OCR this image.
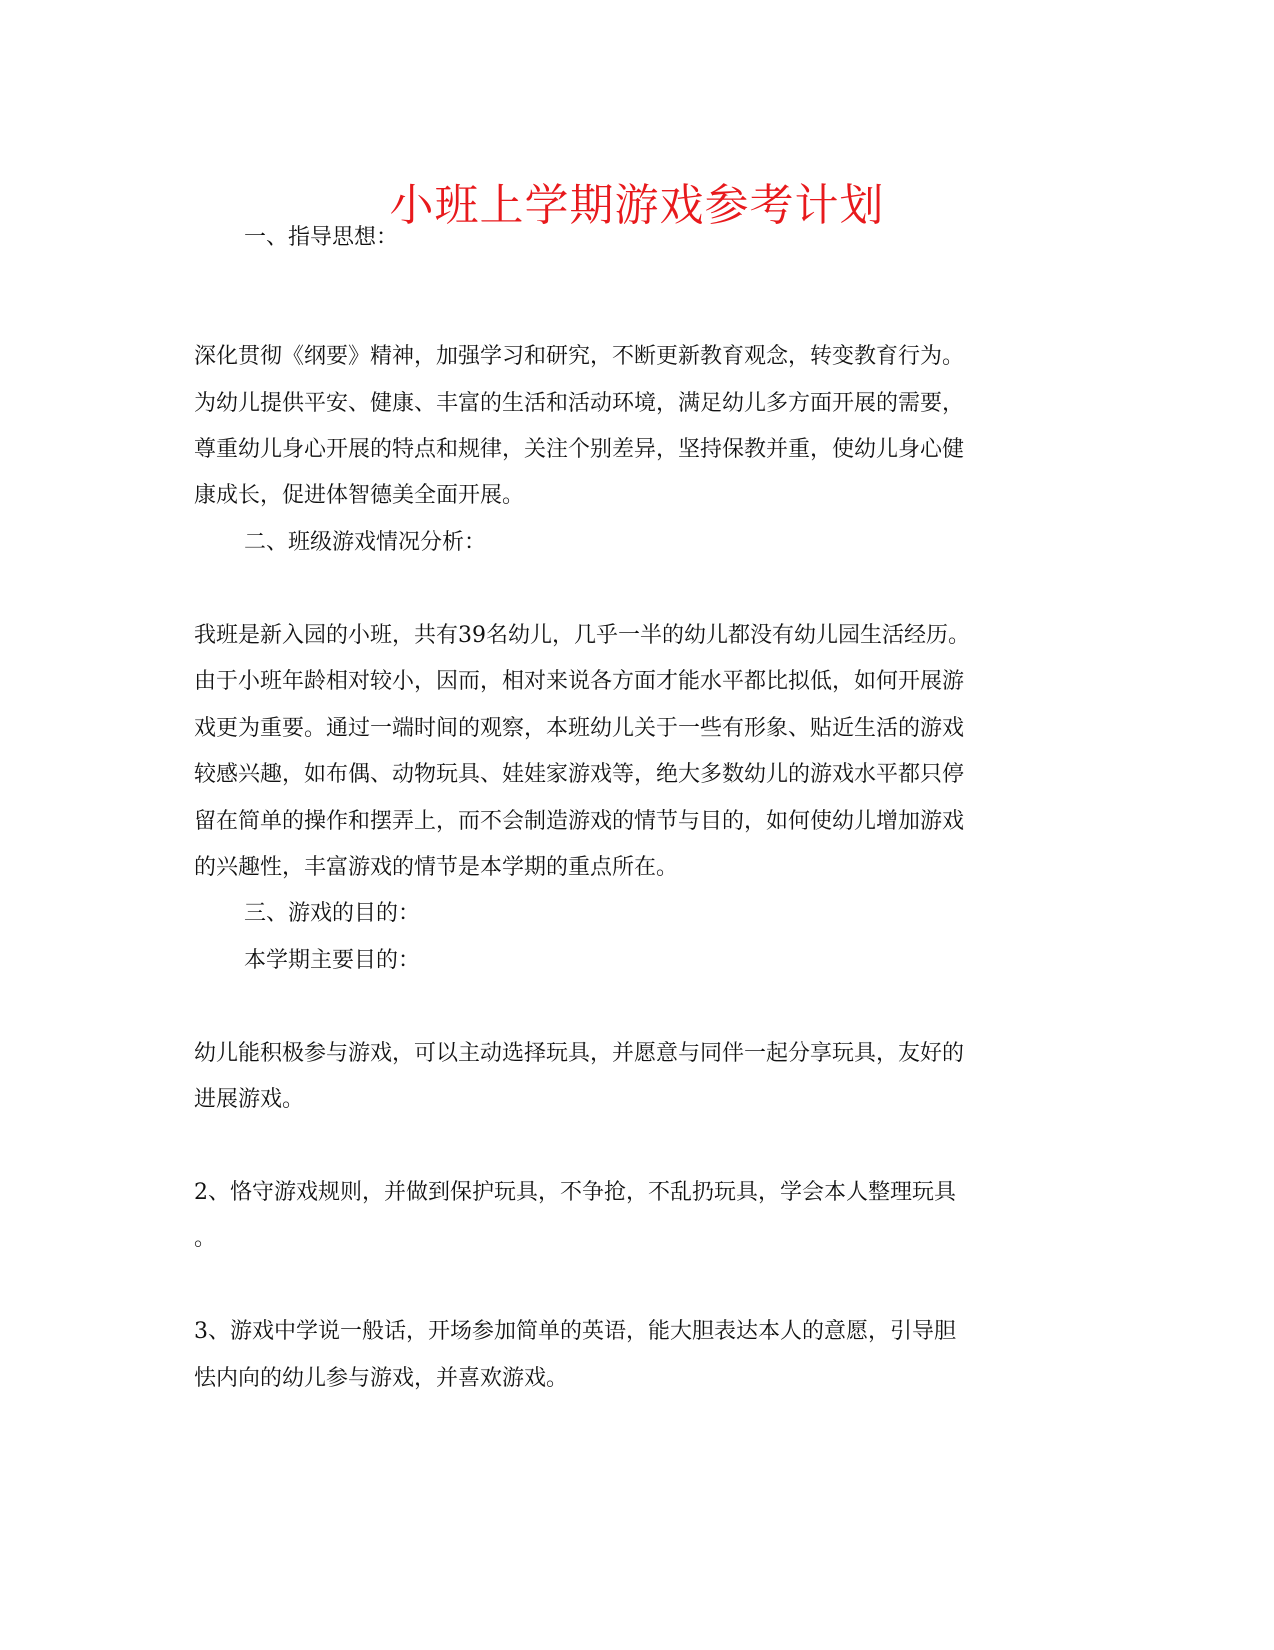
小班上学期游戏参考计划
一、指导思想：
深化贯彻《纲要》精神，加强学习和研究，不断更新教育观念，转变教育行为。
为幼儿提供平安、健康、丰富的生活和活动环境，满足幼儿多方面开展的需要，
尊重幼儿身心开展的特点和规律，关注个别差异，坚持保教并重，使幼儿身心健
康成长，促进体智德美全面开展。
二、班级游戏情况分析：
我班是新入园的小班，共有39名幼儿，几乎一半的幼儿都没有幼儿园生活经历。
由于小班年龄相对较小，因而，相对来说各方面才能水平都比拟低，如何开展游
戏更为重要。通过一端时间的观察，本班幼儿关于一些有形象、贴近生活的游戏
较感兴趣，如布偶、动物玩具、娃娃家游戏等，绝大多数幼儿的游戏水平都只停
留在简单的操作和摆弄上，而不会制造游戏的情节与目的，如何使幼儿增加游戏
的兴趣性，丰富游戏的情节是本学期的重点所在。
三、游戏的目的：
本学期主要目的：
幼儿能积极参与游戏，可以主动选择玩具，并愿意与同伴一起分享玩具，友好的
进展游戏。
2、恪守游戏规则，并做到保护玩具，不争抢，不乱扔玩具，学会本人整理玩具
。
3、游戏中学说一般话，开场参加简单的英语，能大胆表达本人的意愿，引导胆
怯内向的幼儿参与游戏，并喜欢游戏。
